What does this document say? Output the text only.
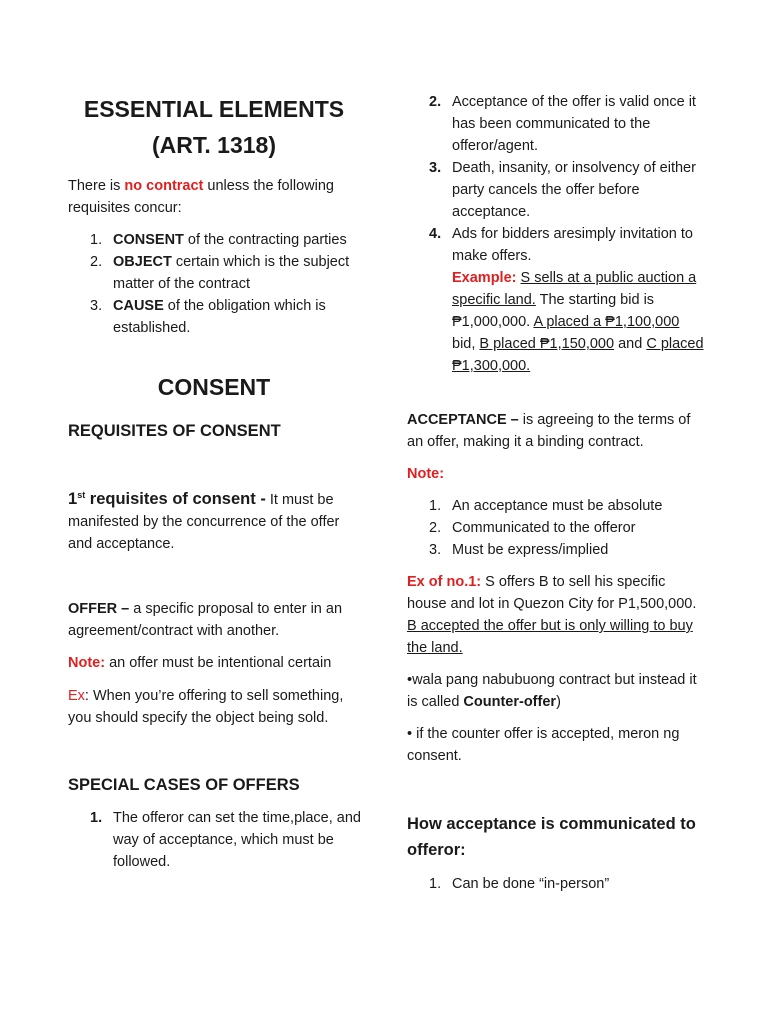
ESSENTIAL ELEMENTS
(ART. 1318)

There is no contract unless the following requisites concur:

1. CONSENT of the contracting parties
2. OBJECT certain which is the subject matter of the contract
3. CAUSE of the obligation which is established.
CONSENT
REQUISITES OF CONSENT

1st requisites of consent - It must be manifested by the concurrence of the offer and acceptance.

OFFER – a specific proposal to enter in an agreement/contract with another.

Note: an offer must be intentional certain

Ex: When you’re offering to sell something, you should specify the object being sold.

SPECIAL CASES OF OFFERS
1. The offeror can set the time,place, and way of acceptance, which must be followed.
2. Acceptance of the offer is valid once it has been communicated to the offeror/agent.
3. Death, insanity, or insolvency of either party cancels the offer before acceptance.
4. Ads for bidders aresimply invitation to make offers.
Example: S sells at a public auction a specific land. The starting bid is ₱1,000,000. A placed a ₱1,100,000 bid, B placed ₱1,150,000 and C placed ₱1,300,000.

ACCEPTANCE – is agreeing to the terms of an offer, making it a binding contract.

Note:

1. An acceptance must be absolute
2. Communicated to the offeror
3. Must be express/implied

Ex of no.1: S offers B to sell his specific house and lot in Quezon City for P1,500,000. B accepted the offer but is only willing to buy the land.

•wala pang nabubuong contract but instead it is called Counter-offer)

• if the counter offer is accepted, meron ng consent.

How acceptance is communicated to offeror:
1. Can be done “in-person”
